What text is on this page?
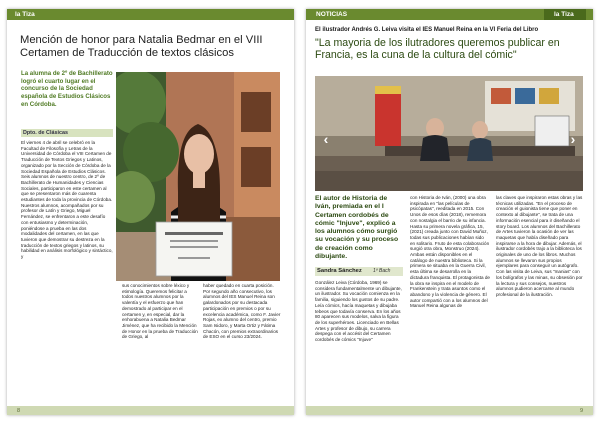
la Tiza
Mención de honor para Natalia Bedmar en el VIII Certamen de Traducción de textos clásicos
La alumna de 2º de Bachillerato logró el cuarto lugar en el concurso de la Sociedad española de Estudios Clásicos en Córdoba.
Dpto. de Clásicas

El viernes 4 de abril se celebró en la Facultad de Filosofía y Letras de la Universidad de Córdoba el VIII Certamen de Traducción de Textos Griegos y Latinos, organizado por la Sección de Córdoba de la Sociedad Española de Estudios Clásicos. Seis alumnos de nuestro centro, de 2º de Bachillerato de Humanidades y Ciencias Sociales, participaron en este certamen al que se presentaron más de cuarenta estudiantes de toda la provincia de Córdoba. Nuestros alumnos, acompañados por su profesor de Latín y Griego, Miguel Fernández, se enfrentaron a este desafío con entusiasmo y determinación, poniéndose a prueba en las dos modalidades del certamen, en las que tuvieron que demostrar su destreza en la traducción de textos griegos y latinos, su habilidad en análisis morfológico y sintáctico, y

sus conocimientos sobre léxico y etimología. Queremos felicitar a todos nuestros alumnos por la valentía y el esfuerzo que han demostrado al participar en el certamen y, en especial, dar la enhorabuena a Natalia Bedmar Jiménez, que ha recibido la Mención de Honor en la prueba de Traducción de Griego, al

haber quedado en cuarta posición. Por segundo año consecutivo, los alumnos del IES Manuel Reina son galardonados por su destacada participación en premios o por su excelencia académica, como F. Javier Rojas, ex alumno del centro, premio Sam Isidoro, y Marta Ortiz y Fátima Chacón, con premios extraordinarios de ESO en el curso 23/2024.

8
NOTICIAS	la Tiza
El ilustrador Andrés G. Leiva visita el IES Manuel Reina en la VI Feria del Libro
"La mayoria de los ilutradores queremos publicar en Francia, es la cuna de la cultura del cómic"
‹	›
El autor de Historia de Iván, premiada en el I Certamen cordobés de cómic "Injuve", explicó a los alumnos cómo surgió su vocación y su proceso de creación como dibujante.
Sandra Sánchez 1º Bach

González Leiva (Córdoba, 1969) se considera fundamentalmente un dibujante, un ilustrador. Su vocación comienza en la familia, siguiendo los gustos de su padre. Leía cómics, hacía maquetas y dibujaba tebeos que todavía conserva. En los años 80 aparecen sus modelos, salva la figura de los superhéroes. Licenciado en Bellas Artes y profesor de dibujo, su carrera despega con el accésit del Certamen cordobés de cómics "Injuve"

con Historia de Iván, (2000) una obra inspirada en "las películas de psicópatas", reeditada en 2015. Con Unos de esos días (2018), rememora con nostalgia el barrio de su infancia. Hasta su primera novela gráfica, 15, (2021) creada junto con David Muñoz, todas sus publicaciones habían sido en solitario. Fruto de esta colaboración surgió otra obra, Monstruo (2024). Ambas están disponibles en el catálogo de nuestra biblioteca. Si la primera se situaba en la Guerra Civil, esta última se desarrolla en la dictadura franquista. El protagonista de la obra se inspira en el modelo de Frankenstein y trata asuntos como el abandono y la violencia de género. El autor compartió con a los alumnos del Manuel Reina algunas de

las claves que inspiraron estas obras y las técnicas utilizadas. "En el proceso de creación el guionista tiene que poner en contexto al dibujante", se trata de una información esencial para ir diseñando el story board. Los alumnos del Bachillerato de Artes tuvieron la ocasión de ver las maquetas que había diseñado para inspirarse a la hora de dibujar. Además, el ilustrador cordobés trajo a la biblioteca los originales de uno de los libros. Muchos alumnos se llevaron sus propios ejemplares para conseguir un autógrafo. Con las visita de Leiva, sus "manias" con los bolígrafos y las minas, su obsesión por la lectura y sus consejos, nuestros alumnos pudieron acercarse al mundo profesional de la ilustración.

9
